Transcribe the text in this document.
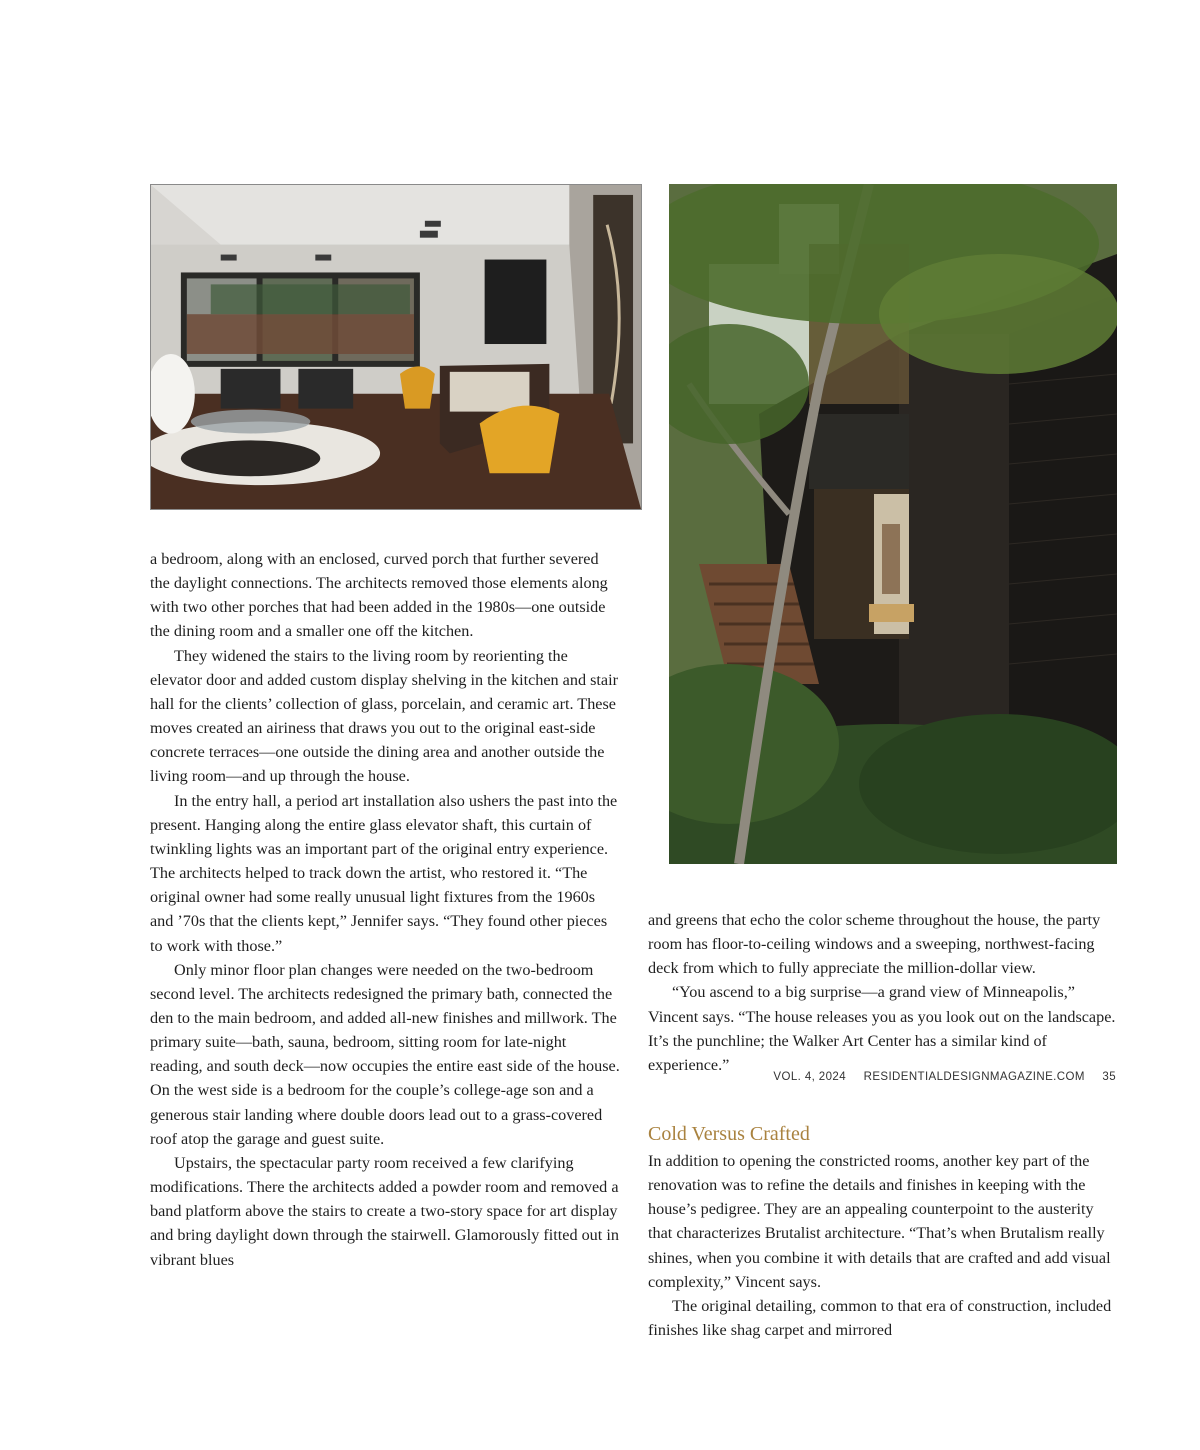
a bedroom, along with an enclosed, curved porch that further severed the daylight connections. The architects removed those elements along with two other porches that had been added in the 1980s—one outside the dining room and a smaller one off the kitchen.

They widened the stairs to the living room by reorienting the elevator door and added custom display shelving in the kitchen and stair hall for the clients’ collection of glass, porcelain, and ceramic art. These moves created an airiness that draws you out to the original east-side concrete terraces—one outside the dining area and another outside the living room—and up through the house.

In the entry hall, a period art installation also ushers the past into the present. Hanging along the entire glass elevator shaft, this curtain of twinkling lights was an important part of the original entry experience. The architects helped to track down the artist, who restored it. “The original owner had some really unusual light fixtures from the 1960s and ’70s that the clients kept,” Jennifer says. “They found other pieces to work with those.”

Only minor floor plan changes were needed on the two-bedroom second level. The architects redesigned the primary bath, connected the den to the main bedroom, and added all-new finishes and millwork. The primary suite—bath, sauna, bedroom, sitting room for late-night reading, and south deck—now occupies the entire east side of the house. On the west side is a bedroom for the couple’s college-age son and a generous stair landing where double doors lead out to a grass-covered roof atop the garage and guest suite.

Upstairs, the spectacular party room received a few clarifying modifications. There the architects added a powder room and removed a band platform above the stairs to create a two-story space for art display and bring daylight down through the stairwell. Glamorously fitted out in vibrant blues

and greens that echo the color scheme throughout the house, the party room has floor-to-ceiling windows and a sweeping, northwest-facing deck from which to fully appreciate the million-dollar view.

“You ascend to a big surprise—a grand view of Minneapolis,” Vincent says. “The house releases you as you look out on the landscape. It’s the punchline; the Walker Art Center has a similar kind of experience.”

Cold Versus Crafted

In addition to opening the constricted rooms, another key part of the renovation was to refine the details and finishes in keeping with the house’s pedigree. They are an appealing counterpoint to the austerity that characterizes Brutalist architecture. “That’s when Brutalism really shines, when you combine it with details that are crafted and add visual complexity,” Vincent says.

The original detailing, common to that era of construction, included finishes like shag carpet and mirrored

VOL. 4, 2024 RESIDENTIALDESIGNMAGAZINE.COM 35
